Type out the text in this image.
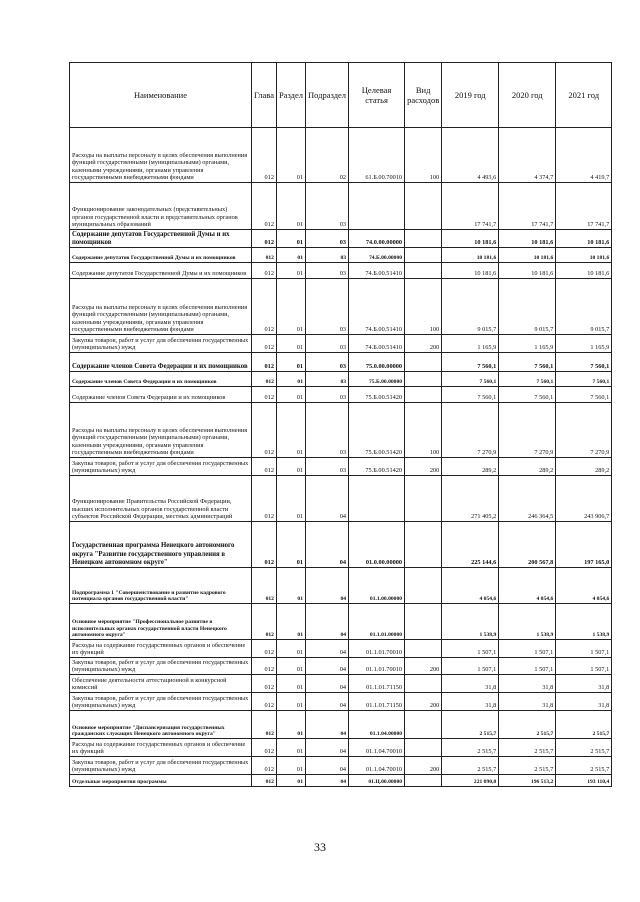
Наименование	Глава	Раздел	Подраздел	Целевая статья	Вид расходов	2019 год	2020 год	2021 год
Расходы на выплаты персоналу в целях обеспечения выполнения функций государственными (муниципальными) органами, казенными учреждениями, органами управления государственными внебюджетными фондами	012	01	02	61.Б.00.70010	100	4 493,6	4 374,7	4 419,7
Функционирование законодательных (представительных) органов государственной власти и представительных органов муниципальных образований	012	01	03			17 741,7	17 741,7	17 741,7
Содержание депутатов Государственной Думы и их помощников	012	01	03	74.0.00.00000		10 181,6	10 181,6	10 181,6
Содержание депутатов Государственной Думы и их помощников	012	01	03	74.Б.00.00000		10 181,6	10 181,6	10 181,6
Содержание депутатов Государственной Думы и их помощников	012	01	03	74.Б.00.51410		10 181,6	10 181,6	10 181,6
Расходы на выплаты персоналу в целях обеспечения выполнения функций государственными (муниципальными) органами, казенными учреждениями, органами управления государственными внебюджетными фондами	012	01	03	74.Б.00.51410	100	9 015,7	9 015,7	9 015,7
Закупка товаров, работ и услуг для обеспечения государственных (муниципальных) нужд	012	01	03	74.Б.00.51410	200	1 165,9	1 165,9	1 165,9
Содержание членов Совета Федерации и их помощников	012	01	03	75.0.00.00000		7 560,1	7 560,1	7 560,1
Содержание членов Совета Федерации и их помощников	012	01	03	75.Б.00.00000		7 560,1	7 560,1	7 560,1
Содержание членов Совета Федерации и их помощников	012	01	03	75.Б.00.51420		7 560,1	7 560,1	7 560,1
Расходы на выплаты персоналу в целях обеспечения выполнения функций государственными (муниципальными) органами, казенными учреждениями, органами управления государственными внебюджетными фондами	012	01	03	75.Б.00.51420	100	7 270,9	7 270,9	7 270,9
Закупка товаров, работ и услуг для обеспечения государственных (муниципальных) нужд	012	01	03	75.Б.00.51420	200	289,2	289,2	289,2
Функционирование Правительства Российской Федерации, высших исполнительных органов государственной власти субъектов Российской Федерации, местных администраций	012	01	04			271 405,2	246 364,5	243 906,7
Государственная программа Ненецкого автономного округа "Развитие государственного управления в Ненецком автономном округе"	012	01	04	01.0.00.00000		225 144,6	200 567,8	197 165,0
Подпрограмма 1 "Совершенствование и развитие кадрового потенциала органов государственной власти"	012	01	04	01.1.00.00000		4 054,6	4 054,6	4 054,6
Основное мероприятие "Профессиональное развитие в исполнительных органах государственной власти Ненецкого автономного округа"	012	01	04	01.1.01.00000		1 538,9	1 538,9	1 538,9
Расходы на содержание государственных органов и обеспечение их функций	012	01	04	01.1.01.70010		1 507,1	1 507,1	1 507,1
Закупка товаров, работ и услуг для обеспечения государственных (муниципальных) нужд	012	01	04	01.1.01.70010	200	1 507,1	1 507,1	1 507,1
Обеспечение деятельности аттестационной и конкурсной комиссий	012	01	04	01.1.01.71150		31,8	31,8	31,8
Закупка товаров, работ и услуг для обеспечения государственных (муниципальных) нужд	012	01	04	01.1.01.71150	200	31,8	31,8	31,8
Основное мероприятие "Диспансеризация государственных гражданских служащих Ненецкого автономного округа"	012	01	04	01.1.04.00000		2 515,7	2 515,7	2 515,7
Расходы на содержание государственных органов и обеспечение их функций	012	01	04	01.1.04.70010		2 515,7	2 515,7	2 515,7
Закупка товаров, работ и услуг для обеспечения государственных (муниципальных) нужд	012	01	04	01.1.04.70010	200	2 515,7	2 515,7	2 515,7
Отдельные мероприятия программы	012	01	04	01.Ц.00.00000		221 090,0	196 513,2	193 110,4
33
